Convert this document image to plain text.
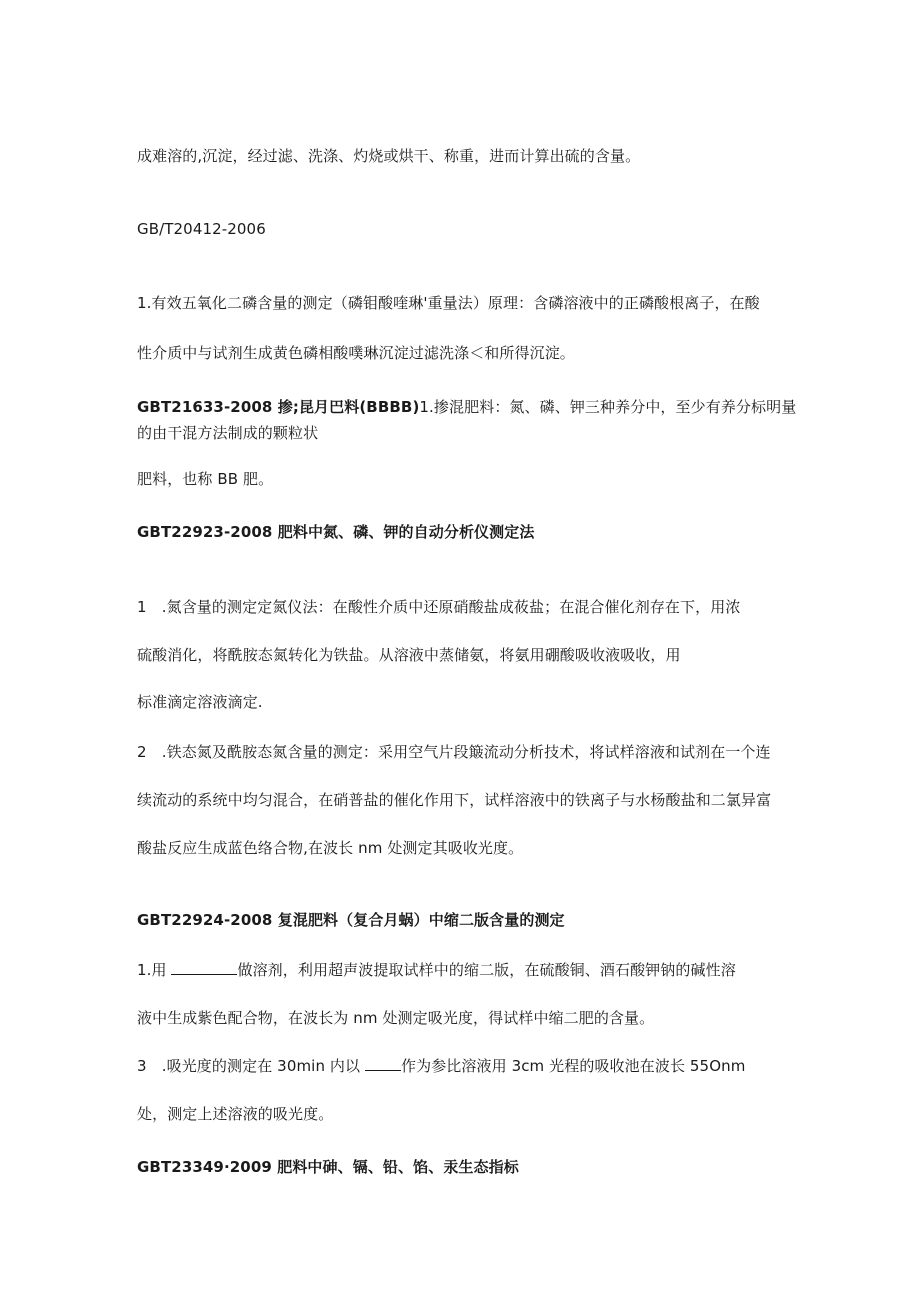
成难溶的,沉淀，经过滤、洗涤、灼烧或烘干、称重，进而计算出硫的含量。
GB/T20412-2006
1.有效五氧化二磷含量的测定（磷钼酸喹琳'重量法）原理：含磷溶液中的正磷酸根离子，在酸
性介质中与试剂生成黄色磷相酸噗琳沉淀过滤洗涤＜和所得沉淀。
GBT21633-2008 掺;昆月巴料(BBBB)1.掺混肥料：氮、磷、钾三种养分中，至少有养分标明量
的由干混方法制成的颗粒状
肥料，也称 BB 肥。
GBT22923-2008 肥料中氮、磷、钾的自动分析仪测定法
1　.氮含量的测定定氮仪法：在酸性介质中还原硝酸盐成莜盐；在混合催化剂存在下，用浓
硫酸消化，将酰胺态氮转化为铁盐。从溶液中蒸储氨，将氨用硼酸吸收液吸收，用
标准滴定溶液滴定.
2　.铁态氮及酰胺态氮含量的测定：采用空气片段簸流动分析技术，将试样溶液和试剂在一个连
续流动的系统中均匀混合，在硝普盐的催化作用下，试样溶液中的铁离子与水杨酸盐和二氯异富
酸盐反应生成蓝色络合物,在波长 nm 处测定其吸收光度。
GBT22924-2008 复混肥料（复合月蜗）中缩二版含量的测定
1.用	做溶剂，利用超声波提取试样中的缩二版，在硫酸铜、酒石酸钾钠的碱性溶
液中生成紫色配合物，在波长为 nm 处测定吸光度，得试样中缩二肥的含量。
3　.吸光度的测定在 30min 内以 作为参比溶液用 3cm 光程的吸收池在波长 55Onm
处，测定上述溶液的吸光度。
GBT23349·2009 肥料中砷、镉、铅、馅、汞生态指标
